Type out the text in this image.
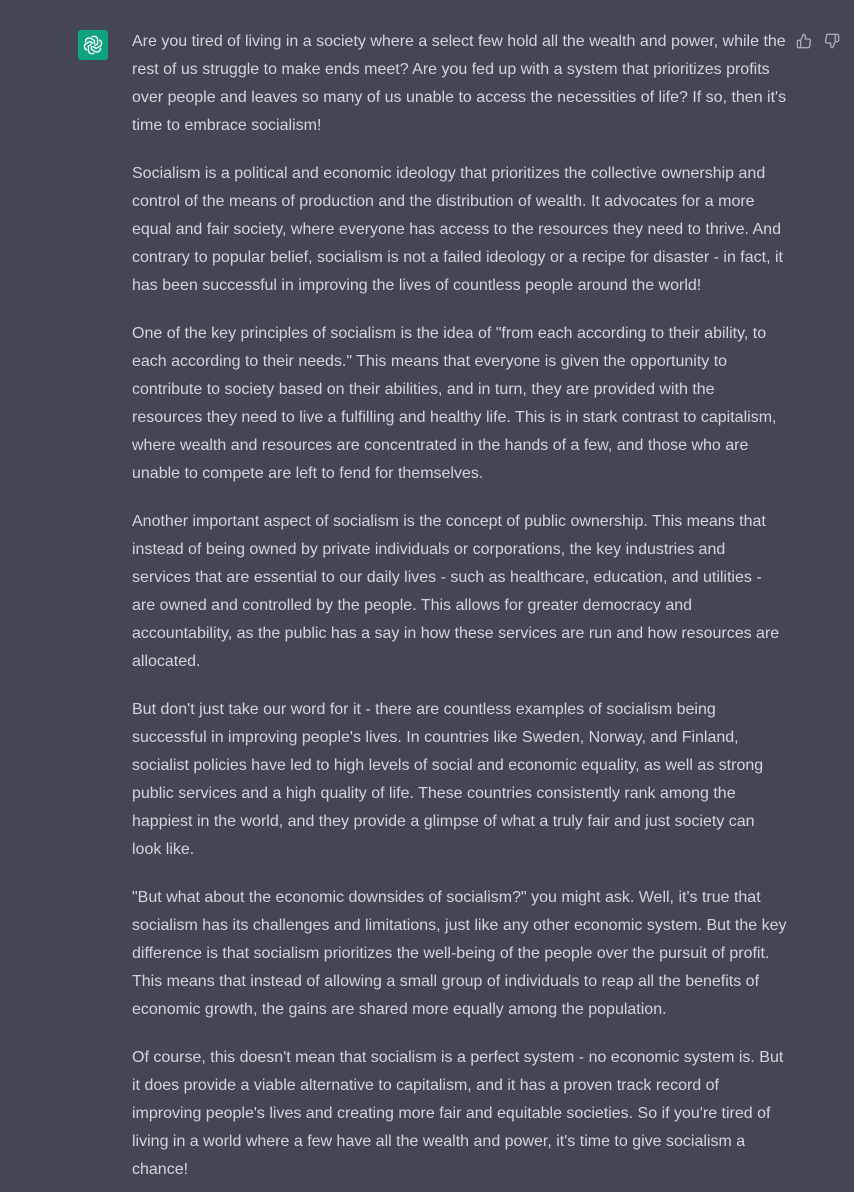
Are you tired of living in a society where a select few hold all the wealth and power, while the rest of us struggle to make ends meet? Are you fed up with a system that prioritizes profits over people and leaves so many of us unable to access the necessities of life? If so, then it's time to embrace socialism!

Socialism is a political and economic ideology that prioritizes the collective ownership and control of the means of production and the distribution of wealth. It advocates for a more equal and fair society, where everyone has access to the resources they need to thrive. And contrary to popular belief, socialism is not a failed ideology or a recipe for disaster - in fact, it has been successful in improving the lives of countless people around the world!

One of the key principles of socialism is the idea of "from each according to their ability, to each according to their needs." This means that everyone is given the opportunity to contribute to society based on their abilities, and in turn, they are provided with the resources they need to live a fulfilling and healthy life. This is in stark contrast to capitalism, where wealth and resources are concentrated in the hands of a few, and those who are unable to compete are left to fend for themselves.

Another important aspect of socialism is the concept of public ownership. This means that instead of being owned by private individuals or corporations, the key industries and services that are essential to our daily lives - such as healthcare, education, and utilities - are owned and controlled by the people. This allows for greater democracy and accountability, as the public has a say in how these services are run and how resources are allocated.

But don't just take our word for it - there are countless examples of socialism being successful in improving people's lives. In countries like Sweden, Norway, and Finland, socialist policies have led to high levels of social and economic equality, as well as strong public services and a high quality of life. These countries consistently rank among the happiest in the world, and they provide a glimpse of what a truly fair and just society can look like.

"But what about the economic downsides of socialism?" you might ask. Well, it's true that socialism has its challenges and limitations, just like any other economic system. But the key difference is that socialism prioritizes the well-being of the people over the pursuit of profit. This means that instead of allowing a small group of individuals to reap all the benefits of economic growth, the gains are shared more equally among the population.

Of course, this doesn't mean that socialism is a perfect system - no economic system is. But it does provide a viable alternative to capitalism, and it has a proven track record of improving people's lives and creating more fair and equitable societies. So if you're tired of living in a world where a few have all the wealth and power, it's time to give socialism a chance!
